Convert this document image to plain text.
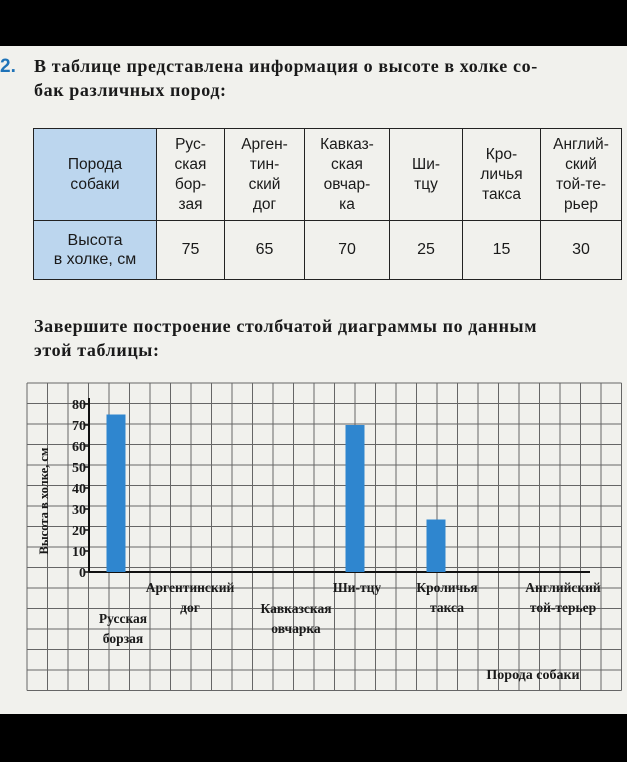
2. В таблице представлена информация о высоте в холке со-
бак различных пород:
Порода
собаки	Рус-
ская
бор-
зая	Арген-
тин-
ский
дог	Кавказ-
ская
овчар-
ка	Ши-
тцу	Кро-
личья
такса	Англий-
ский
той-те-
рьер

Высота
в холке, см	75	65	70	25	15	30
Завершите построение столбчатой диаграммы по данным
этой таблицы:
0
10
20
30
40
50
60
70
80
Русская
борзая
Аргентинский
дог	Кавказская
овчарка
Ши-тцу	Кроличья
такса
Английский
той-терьер
Высота в холке, см
Порода собаки
